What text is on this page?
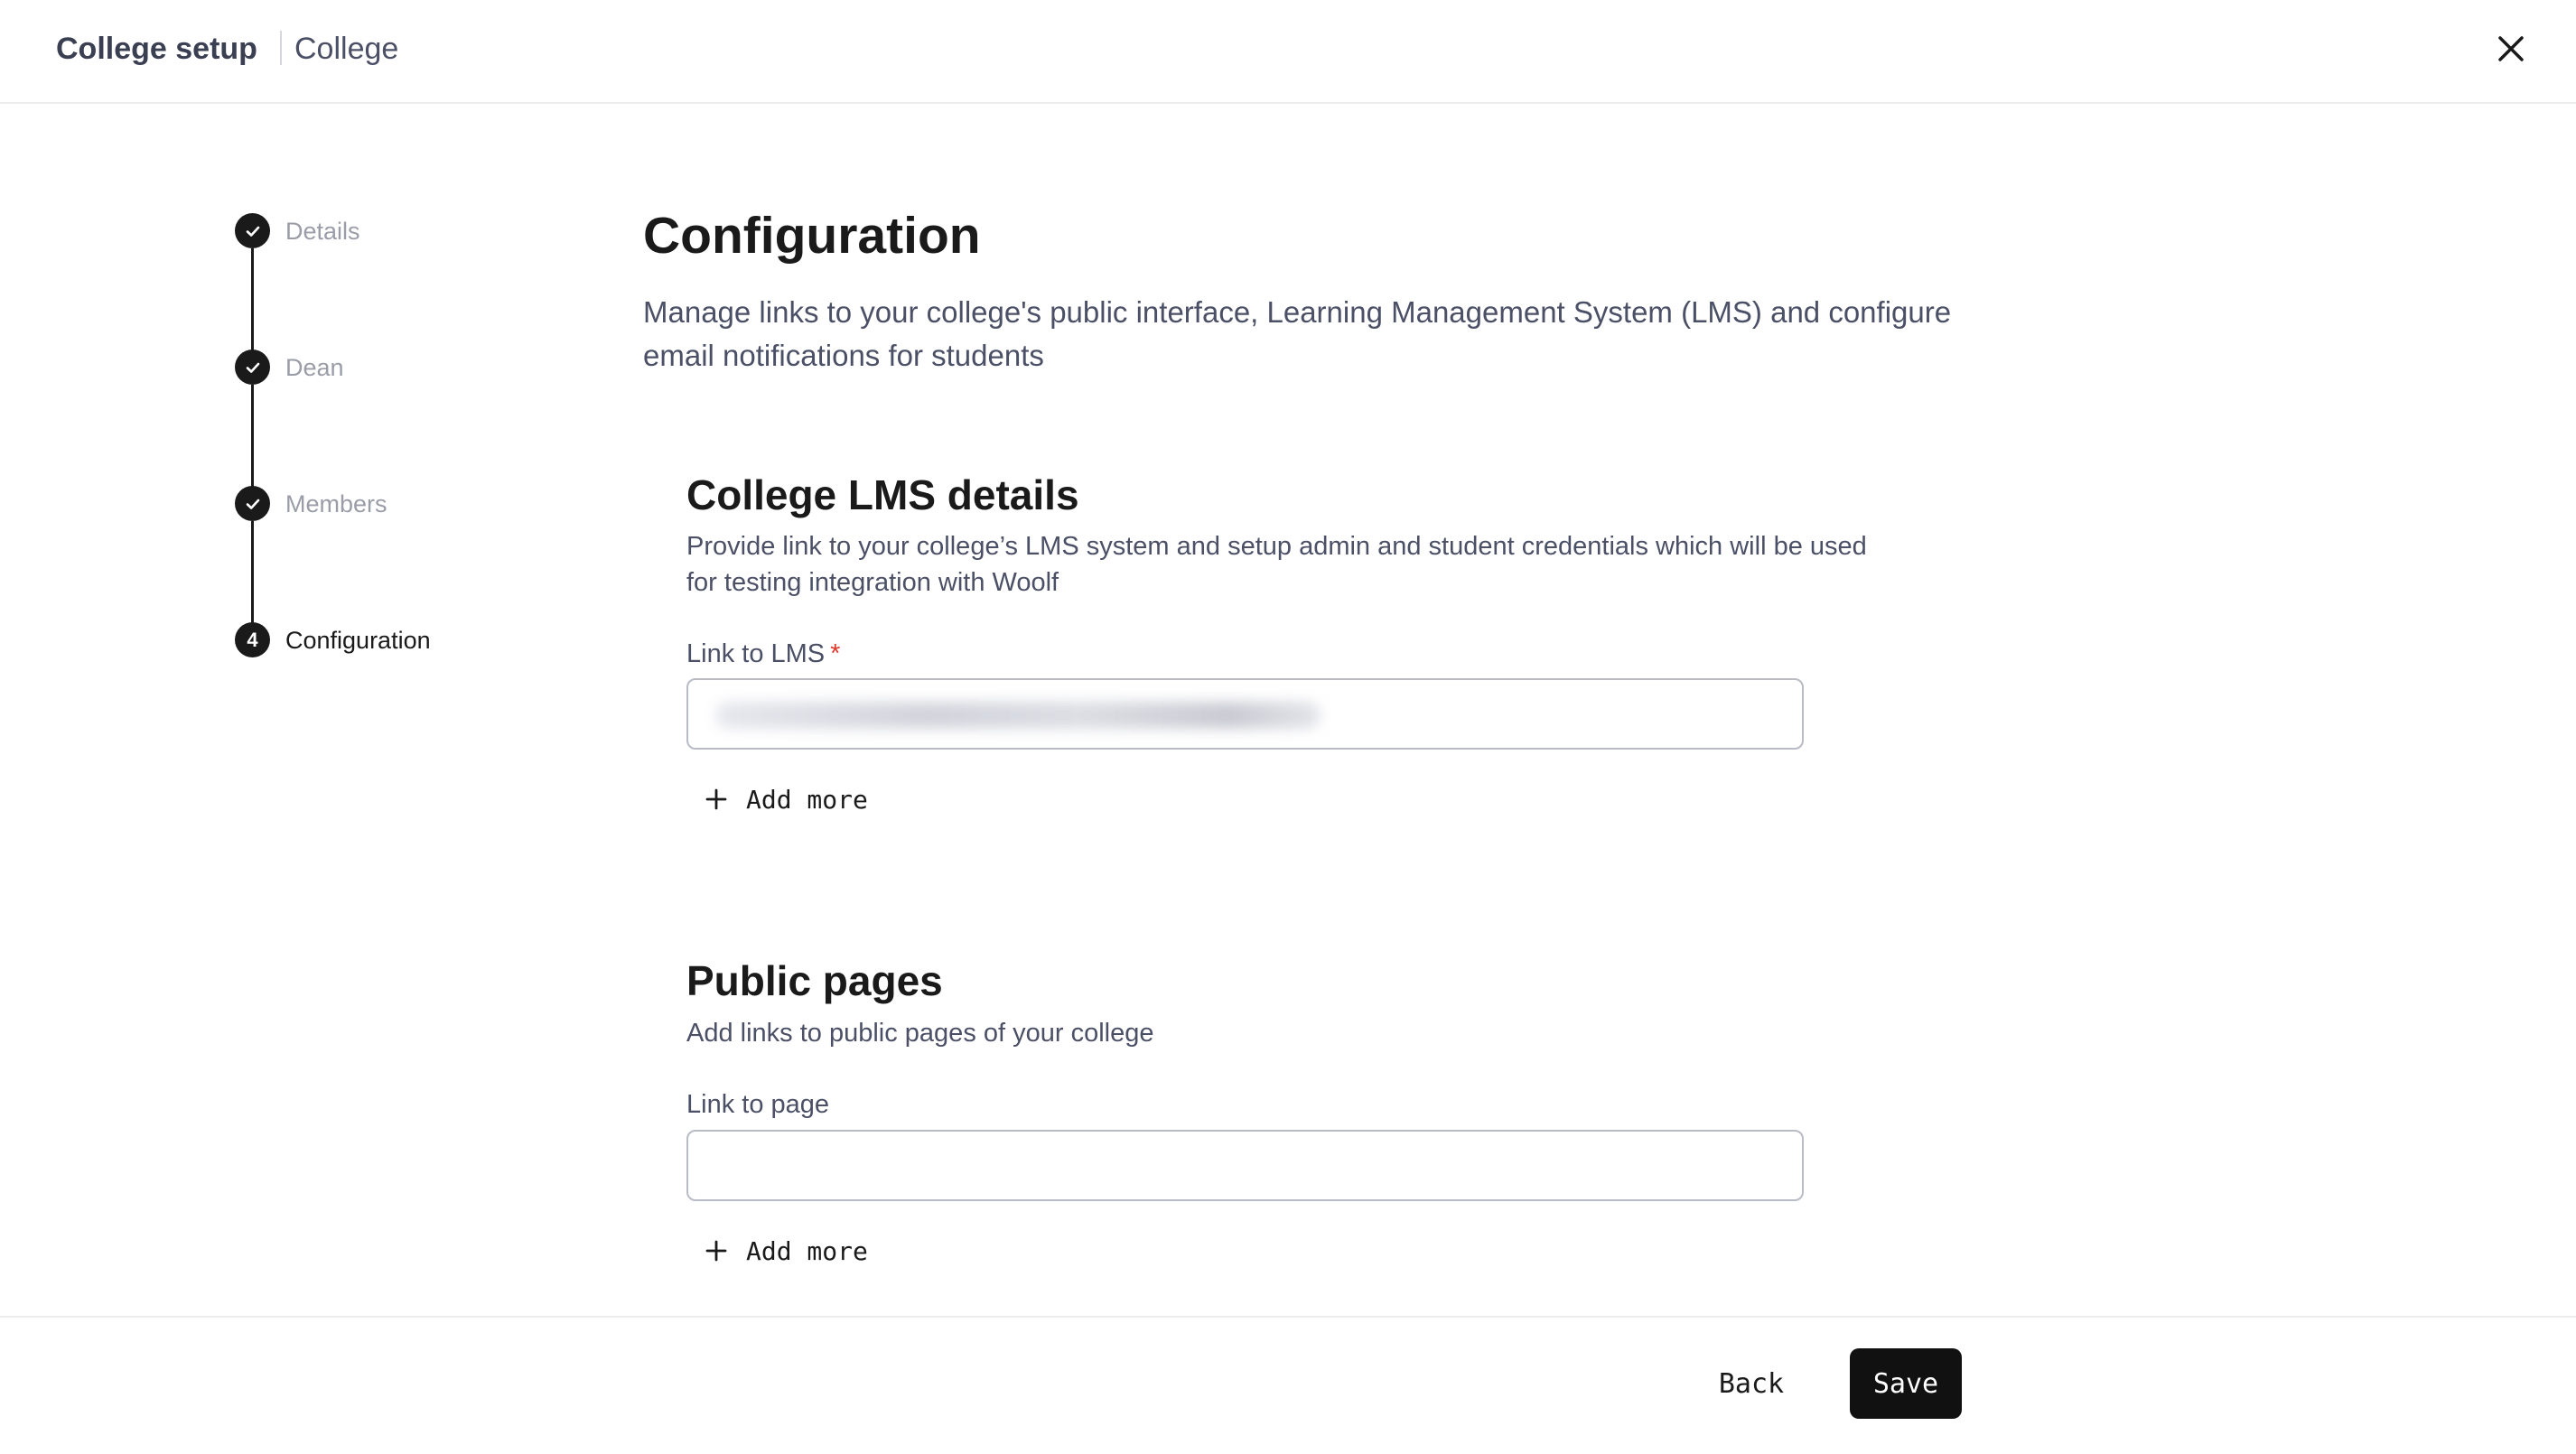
College setup College
Details
Dean
Members
4	Configuration
Configuration

Manage links to your college's public interface, Learning Management System (LMS) and configure email notifications for students

College LMS details

Provide link to your college’s LMS system and setup admin and student credentials which will be used for testing integration with Woolf

Link to LMS *
Add more
Public pages

Add links to public pages of your college

Link to page
Add more
Back	Save
